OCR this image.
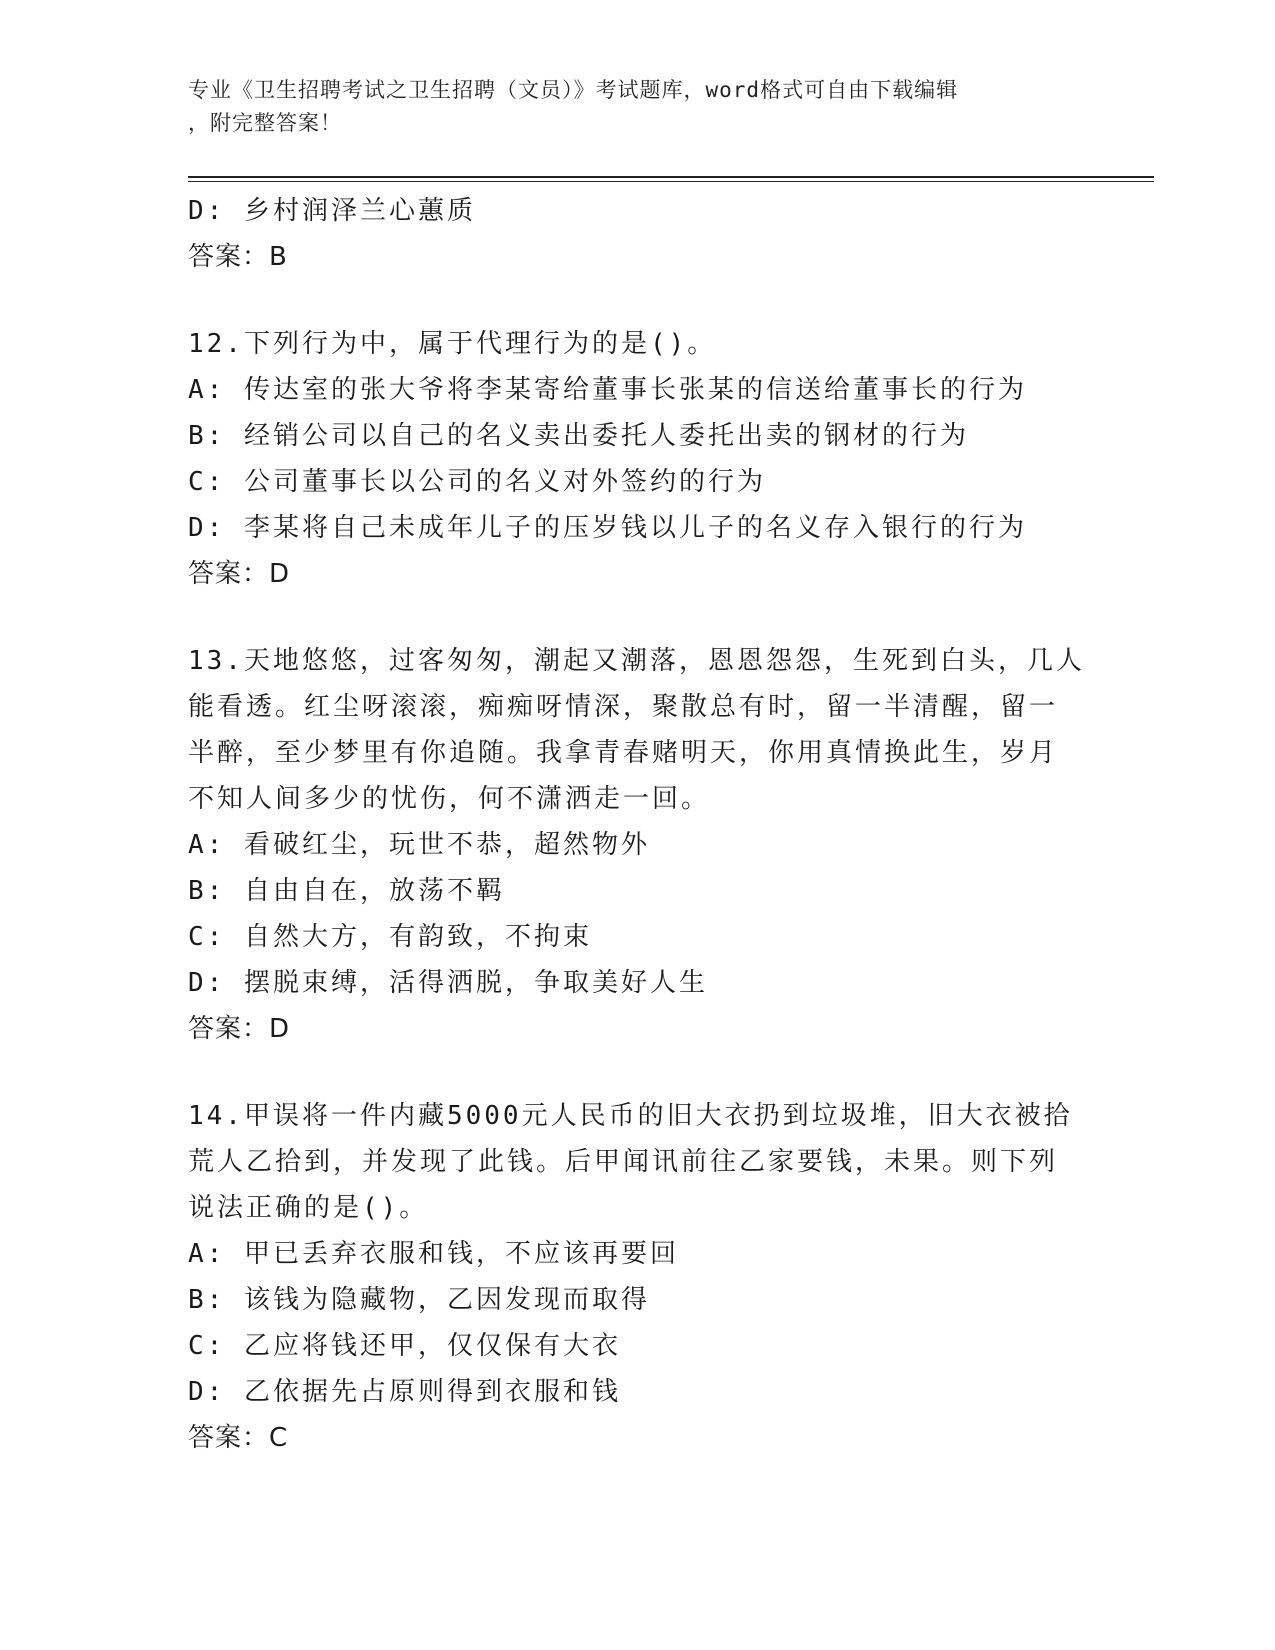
专业《卫生招聘考试之卫生招聘（文员）》考试题库，word格式可自由下载编辑
，附完整答案！
D: 乡村润泽兰心蕙质
答案：B
12.下列行为中，属于代理行为的是()。
A: 传达室的张大爷将李某寄给董事长张某的信送给董事长的行为
B: 经销公司以自己的名义卖出委托人委托出卖的钢材的行为
C: 公司董事长以公司的名义对外签约的行为
D: 李某将自己未成年儿子的压岁钱以儿子的名义存入银行的行为
答案：D
13.天地悠悠，过客匆匆，潮起又潮落，恩恩怨怨，生死到白头，几人
能看透。红尘呀滚滚，痴痴呀情深，聚散总有时，留一半清醒，留一
半醉，至少梦里有你追随。我拿青春赌明天，你用真情换此生，岁月
不知人间多少的忧伤，何不潇洒走一回。
A: 看破红尘，玩世不恭，超然物外
B: 自由自在，放荡不羁
C: 自然大方，有韵致，不拘束
D: 摆脱束缚，活得洒脱，争取美好人生
答案：D
14.甲误将一件内藏5000元人民币的旧大衣扔到垃圾堆，旧大衣被拾
荒人乙拾到，并发现了此钱。后甲闻讯前往乙家要钱，未果。则下列
说法正确的是()。
A: 甲已丢弃衣服和钱，不应该再要回
B: 该钱为隐藏物，乙因发现而取得
C: 乙应将钱还甲，仅仅保有大衣
D: 乙依据先占原则得到衣服和钱
答案：C
